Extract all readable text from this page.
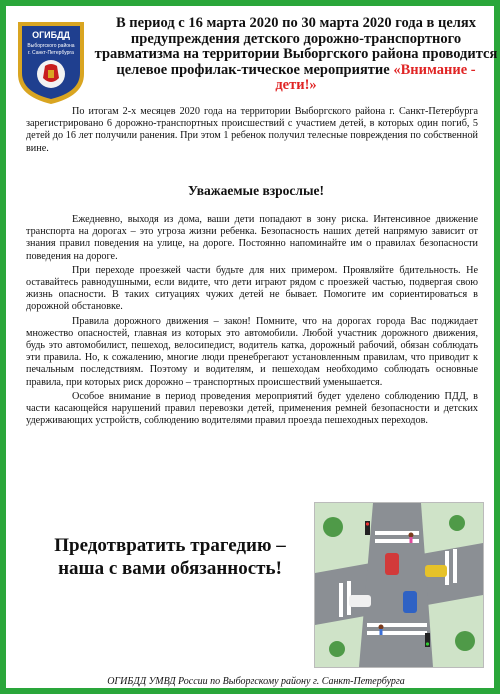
ОГИБДД
Выборгского района
г. Санкт-Петербурга
В период с 16 марта 2020 по 30 марта 2020 года в целях предупреждения детского дорожно-транспортного травматизма на территории Выборгского района проводится целевое профилак-тическое мероприятие «Внимание - дети!»

По итогам 2-х месяцев 2020 года на территории Выборгского района г. Санкт-Петербурга зарегистрировано 6 дорожно-транспортных происшествий с участием детей, в которых один погиб, 5 детей до 16 лет получили ранения. При этом 1 ребенок получил телесные повреждения по собственной вине.

Уважаемые взрослые!

Ежедневно, выходя из дома, ваши дети попадают в зону риска. Интенсивное движение транспорта на дорогах – это угроза жизни ребенка. Безопасность наших детей напрямую зависит от знания правил поведения на улице, на дороге. Постоянно напоминайте им о правилах безопасности поведения на дороге.

При переходе проезжей части будьте для них примером. Проявляйте бдительность. Не оставайтесь равнодушными, если видите, что дети играют рядом с проезжей частью, подвергая свою жизнь опасности. В таких ситуациях чужих детей не бывает. Помогите им сориентироваться в дорожной обстановке.

Правила дорожного движения – закон! Помните, что на дорогах города Вас поджидает множество опасностей, главная из которых это автомобили. Любой участник дорожного движения, будь это автомобилист, пешеход, велосипедист, водитель катка, дорожный рабочий, обязан соблюдать эти правила. Но, к сожалению, многие люди пренебрегают установленным правилам, что приводит к печальным последствиям. Поэтому и водителям, и пешеходам необходимо соблюдать основные правила, при которых риск дорожно – транспортных происшествий уменьшается.

Особое внимание в период проведения мероприятий будет уделено соблюдению ПДД, в части касающейся нарушений правил перевозки детей, применения ремней безопасности и детских удерживающих устройств, соблюдению водителями правил проезда пешеходных переходов.

Предотвратить трагедию –
наша с вами обязанность!
ОГИБДД УМВД России по Выборгскому району г. Санкт-Петербурга
